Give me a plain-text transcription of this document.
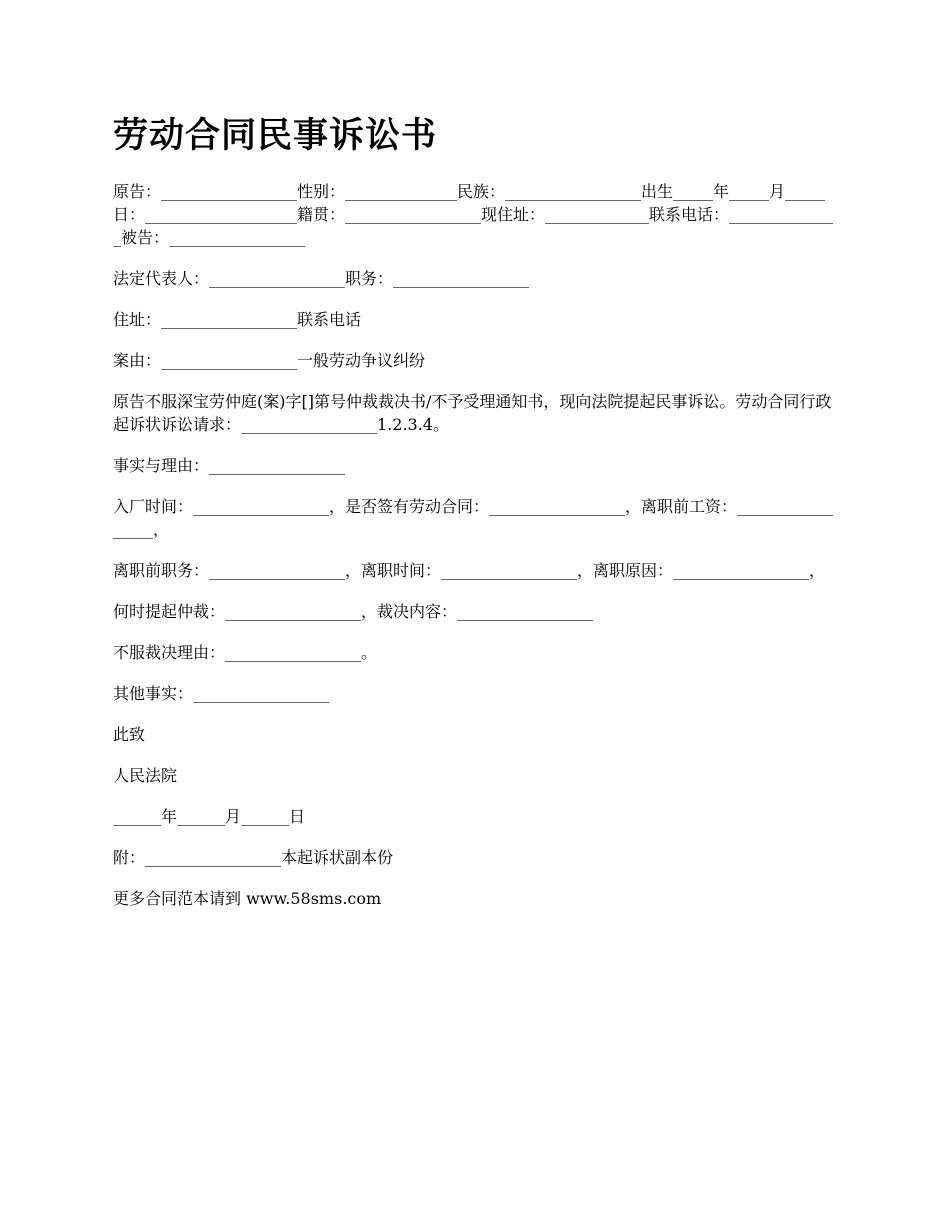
劳动合同民事诉讼书

原告：_________________性别：______________民族：_________________出生_____年_____月_____日：___________________籍贯：_________________现住址：_____________联系电话：______________被告：_________________

法定代表人：_________________职务：_________________

住址：_________________联系电话

案由：_________________一般劳动争议纠纷

原告不服深宝劳仲庭(案)字[]第号仲裁裁决书/不予受理通知书，现向法院提起民事诉讼。劳动合同行政起诉状诉讼请求：_________________1.2.3.4。

事实与理由：_________________

入厂时间：_________________，是否签有劳动合同：_________________，离职前工资：_________________，

离职前职务：_________________，离职时间：_________________，离职原因：_________________，

何时提起仲裁：_________________，裁决内容：_________________

不服裁决理由：_________________。

其他事实：_________________

此致

人民法院

______年______月______日

附：_________________本起诉状副本份

更多合同范本请到 www.58sms.com
